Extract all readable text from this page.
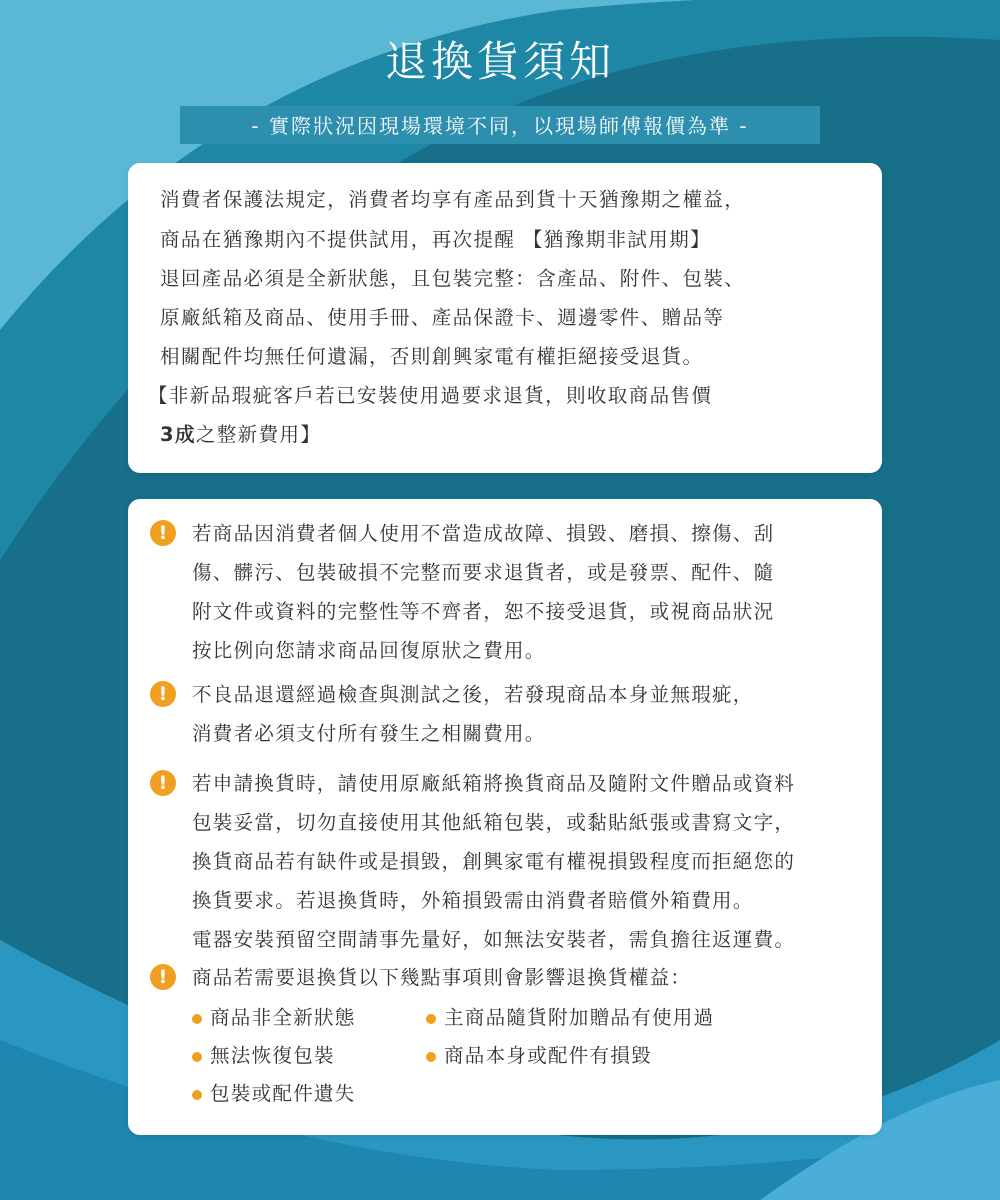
退換貨須知
- 實際狀況因現場環境不同，以現場師傅報價為準 -
消費者保護法規定，消費者均享有產品到貨十天猶豫期之權益，
商品在猶豫期內不提供試用，再次提醒 【猶豫期非試用期】
退回產品必須是全新狀態，且包裝完整：含產品、附件、包裝、
原廠紙箱及商品、使用手冊、產品保證卡、週邊零件、贈品等
相關配件均無任何遺漏，否則創興家電有權拒絕接受退貨。
【非新品瑕疵客戶若已安裝使用過要求退貨，則收取商品售價
3成之整新費用】
!	若商品因消費者個人使用不當造成故障、損毀、磨損、擦傷、刮
傷、髒污、包裝破損不完整而要求退貨者，或是發票、配件、隨
附文件或資料的完整性等不齊者，恕不接受退貨，或視商品狀況
按比例向您請求商品回復原狀之費用。
!	不良品退還經過檢查與測試之後，若發現商品本身並無瑕疵，
消費者必須支付所有發生之相關費用。
!	若申請換貨時，請使用原廠紙箱將換貨商品及隨附文件贈品或資料
包裝妥當，切勿直接使用其他紙箱包裝，或黏貼紙張或書寫文字，
換貨商品若有缺件或是損毀，創興家電有權視損毀程度而拒絕您的
換貨要求。若退換貨時，外箱損毀需由消費者賠償外箱費用。
電器安裝預留空間請事先量好，如無法安裝者，需負擔往返運費。
!	商品若需要退換貨以下幾點事項則會影響退換貨權益：
商品非全新狀態	主商品隨貨附加贈品有使用過
無法恢復包裝	商品本身或配件有損毀
包裝或配件遺失
